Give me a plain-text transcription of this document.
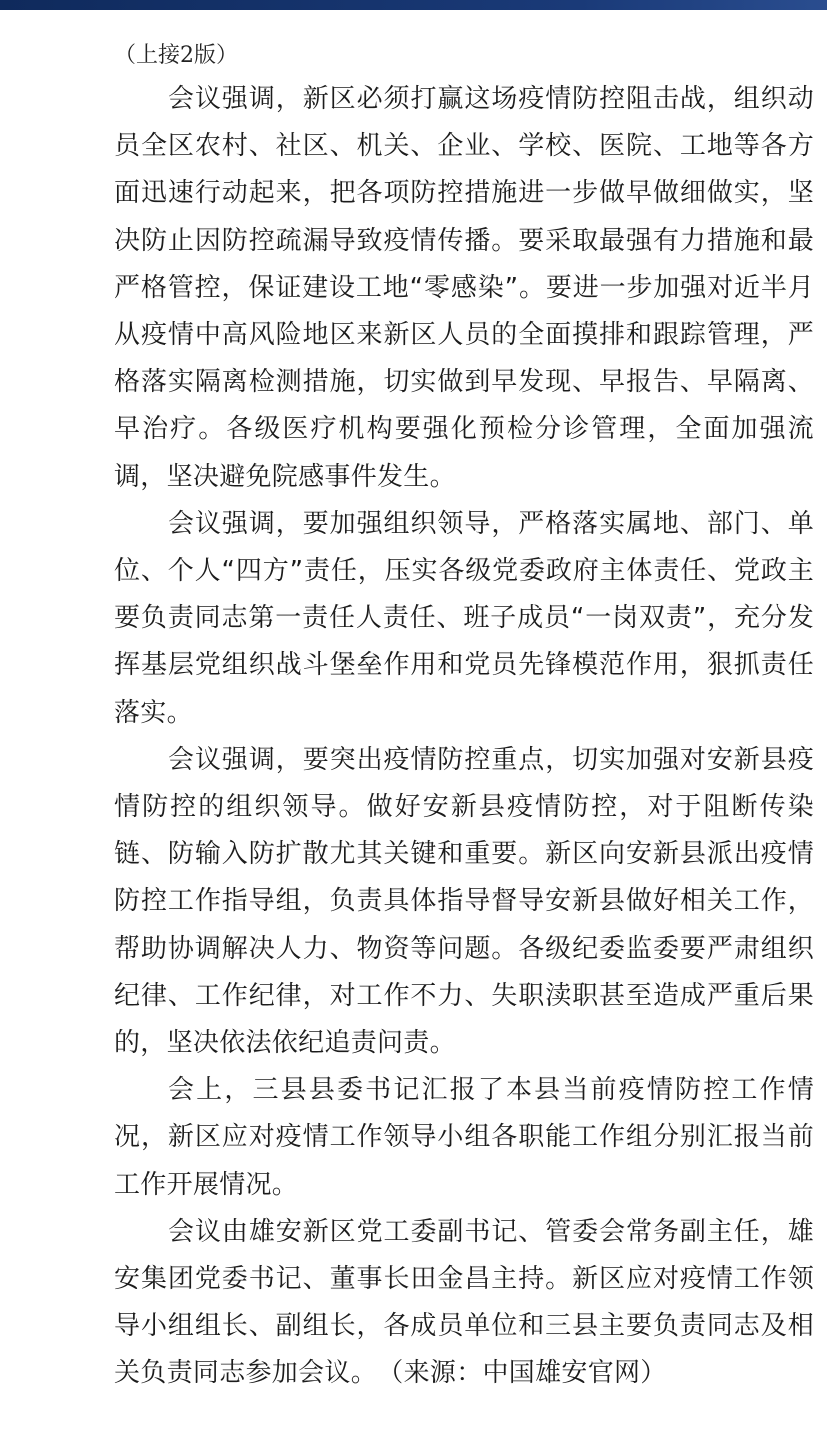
（上接2版）

会议强调，新区必须打赢这场疫情防控阻击战，组织动员全区农村、社区、机关、企业、学校、医院、工地等各方面迅速行动起来，把各项防控措施进一步做早做细做实，坚决防止因防控疏漏导致疫情传播。要采取最强有力措施和最严格管控，保证建设工地“零感染”。要进一步加强对近半月从疫情中高风险地区来新区人员的全面摸排和跟踪管理，严格落实隔离检测措施，切实做到早发现、早报告、早隔离、早治疗。各级医疗机构要强化预检分诊管理，全面加强流调，坚决避免院感事件发生。

会议强调，要加强组织领导，严格落实属地、部门、单位、个人“四方”责任，压实各级党委政府主体责任、党政主要负责同志第一责任人责任、班子成员“一岗双责”，充分发挥基层党组织战斗堡垒作用和党员先锋模范作用，狠抓责任落实。

会议强调，要突出疫情防控重点，切实加强对安新县疫情防控的组织领导。做好安新县疫情防控，对于阻断传染链、防输入防扩散尤其关键和重要。新区向安新县派出疫情防控工作指导组，负责具体指导督导安新县做好相关工作，帮助协调解决人力、物资等问题。各级纪委监委要严肃组织纪律、工作纪律，对工作不力、失职渎职甚至造成严重后果的，坚决依法依纪追责问责。

会上，三县县委书记汇报了本县当前疫情防控工作情况，新区应对疫情工作领导小组各职能工作组分别汇报当前工作开展情况。

会议由雄安新区党工委副书记、管委会常务副主任，雄安集团党委书记、董事长田金昌主持。新区应对疫情工作领导小组组长、副组长，各成员单位和三县主要负责同志及相关负责同志参加会议。　（来源：中国雄安官网）
